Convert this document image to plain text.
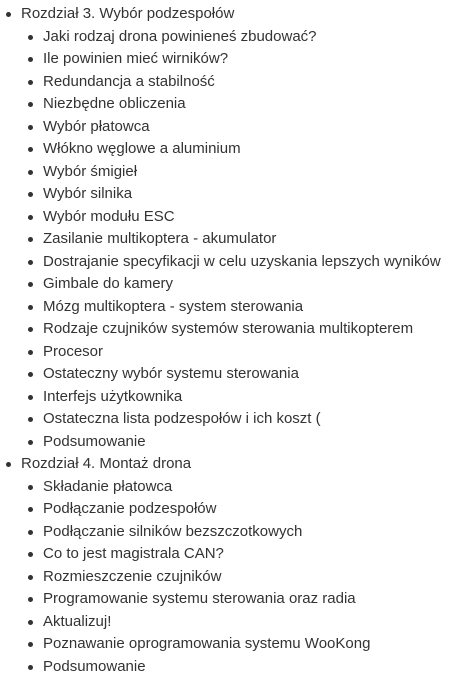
Rozdział 3. Wybór podzespołów
Jaki rodzaj drona powinieneś zbudować?
Ile powinien mieć wirników?
Redundancja a stabilność
Niezbędne obliczenia
Wybór płatowca
Włókno węglowe a aluminium
Wybór śmigieł
Wybór silnika
Wybór modułu ESC
Zasilanie multikoptera - akumulator
Dostrajanie specyfikacji w celu uzyskania lepszych wyników
Gimbale do kamery
Mózg multikoptera - system sterowania
Rodzaje czujników systemów sterowania multikopterem
Procesor
Ostateczny wybór systemu sterowania
Interfejs użytkownika
Ostateczna lista podzespołów i ich koszt (
Podsumowanie
Rozdział 4. Montaż drona
Składanie płatowca
Podłączanie podzespołów
Podłączanie silników bezszczotkowych
Co to jest magistrala CAN?
Rozmieszczenie czujników
Programowanie systemu sterowania oraz radia
Aktualizuj!
Poznawanie oprogramowania systemu WooKong
Podsumowanie
